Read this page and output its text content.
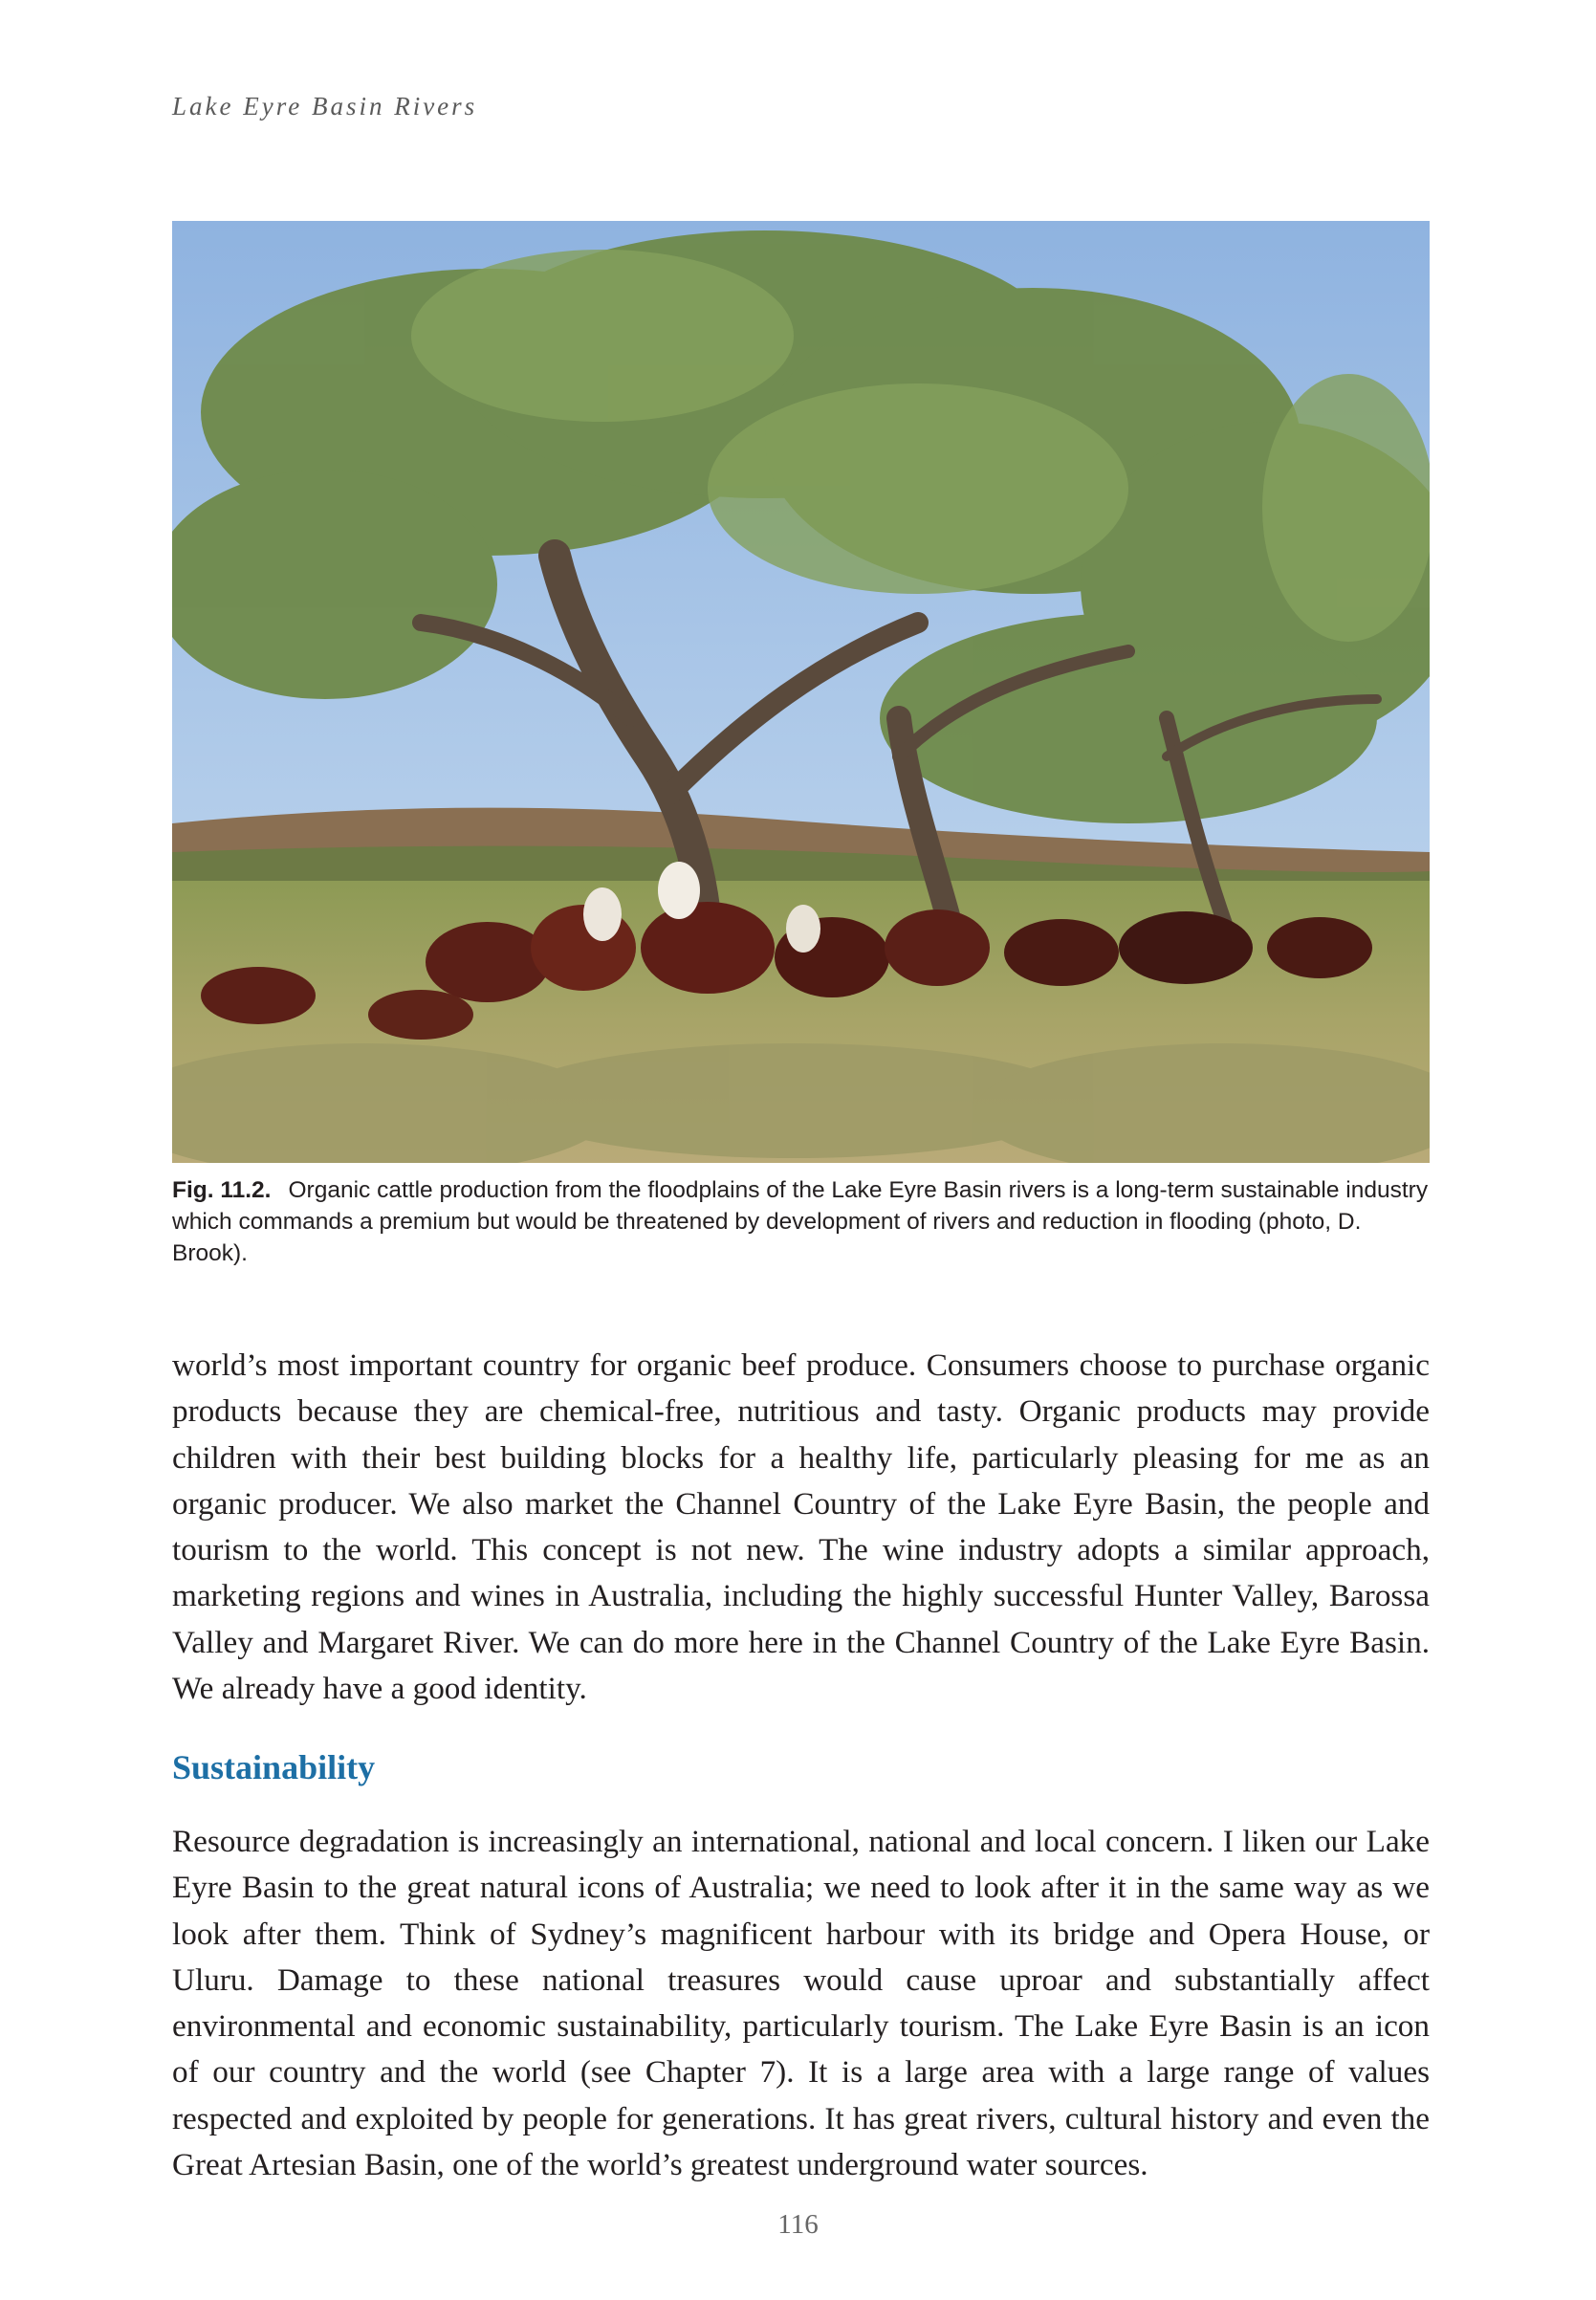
Lake Eyre Basin Rivers
Fig. 11.2. Organic cattle production from the floodplains of the Lake Eyre Basin rivers is a long-term sustainable industry which commands a premium but would be threatened by development of rivers and reduction in flooding (photo, D. Brook).
world’s most important country for organic beef produce. Consumers choose to purchase organic products because they are chemical-free, nutritious and tasty. Organic products may provide children with their best building blocks for a healthy life, particularly pleasing for me as an organic producer. We also market the Channel Country of the Lake Eyre Basin, the people and tourism to the world. This concept is not new. The wine industry adopts a similar approach, marketing regions and wines in Australia, including the highly successful Hunter Valley, Barossa Valley and Margaret River. We can do more here in the Channel Country of the Lake Eyre Basin. We already have a good identity.
Sustainability
Resource degradation is increasingly an international, national and local concern. I liken our Lake Eyre Basin to the great natural icons of Australia; we need to look after it in the same way as we look after them. Think of Sydney’s magnificent harbour with its bridge and Opera House, or Uluru. Damage to these national treasures would cause uproar and substantially affect environmental and economic sustainability, particularly tourism. The Lake Eyre Basin is an icon of our country and the world (see Chapter 7). It is a large area with a large range of values respected and exploited by people for generations. It has great rivers, cultural history and even the Great Artesian Basin, one of the world’s greatest underground water sources.
116
